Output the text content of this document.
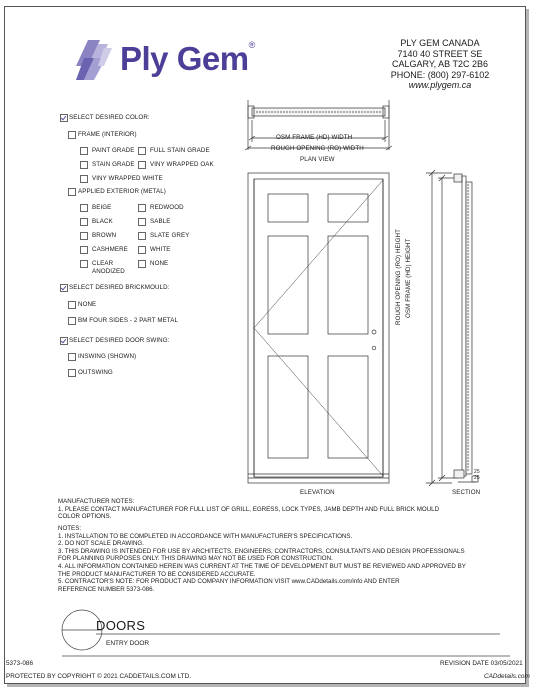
Ply Gem®	PLY GEM CANADA
7140 40 STREET SE
CALGARY, AB T2C 2B6
PHONE: (800) 297-6102
www.plygem.ca
SELECT DESIRED COLOR:
FRAME (INTERIOR)
PAINT GRADE	FULL STAIN GRADE
STAIN GRADE VINY WRAPPED OAK
VINY WRAPPED WHITE
APPLIED EXTERIOR (METAL)
BEIGE	REDWOOD
BLACK	SABLE
BROWN	SLATE GREY
CASHMERE	WHITE
CLEAR
ANODIZED
NONE
SELECT DESIRED BRICKMOULD:
NONE
BM FOUR SIDES - 2 PART METAL
SELECT DESIRED DOOR SWING:
INSWING (SHOWN)
OUTSWING
OSM FRAME (HD) WIDTH
ROUGH OPENING (RO) WIDTH
PLAN VIEW
ROUGH OPENING (RO) HEIGHT OSM FRAME (HD) HEIGHT
25
25
ELEVATION	SECTION
MANUFACTURER NOTES:
1. PLEASE CONTACT MANUFACTURER FOR FULL LIST OF GRILL, EGRESS, LOCK TYPES, JAMB DEPTH AND FULL BRICK MOULD
COLOR OPTIONS.
NOTES:
1. INSTALLATION TO BE COMPLETED IN ACCORDANCE WITH MANUFACTURER'S SPECIFICATIONS.
2. DO NOT SCALE DRAWING.
3. THIS DRAWING IS INTENDED FOR USE BY ARCHITECTS, ENGINEERS, CONTRACTORS, CONSULTANTS AND DESIGN PROFESSIONALS
FOR PLANNING PURPOSES ONLY. THIS DRAWING MAY NOT BE USED FOR CONSTRUCTION.
4. ALL INFORMATION CONTAINED HEREIN WAS CURRENT AT THE TIME OF DEVELOPMENT BUT MUST BE REVIEWED AND APPROVED BY
THE PRODUCT MANUFACTURER TO BE CONSIDERED ACCURATE.
5. CONTRACTOR'S NOTE: FOR PRODUCT AND COMPANY INFORMATION VISIT www.CADdetails.com/info AND ENTER
REFERENCE NUMBER 5373-086.
DOORS
ENTRY DOOR
5373-086	REVISION DATE 03/05/2021
PROTECTED BY COPYRIGHT © 2021 CADDETAILS.COM LTD.	CADdetails.com
